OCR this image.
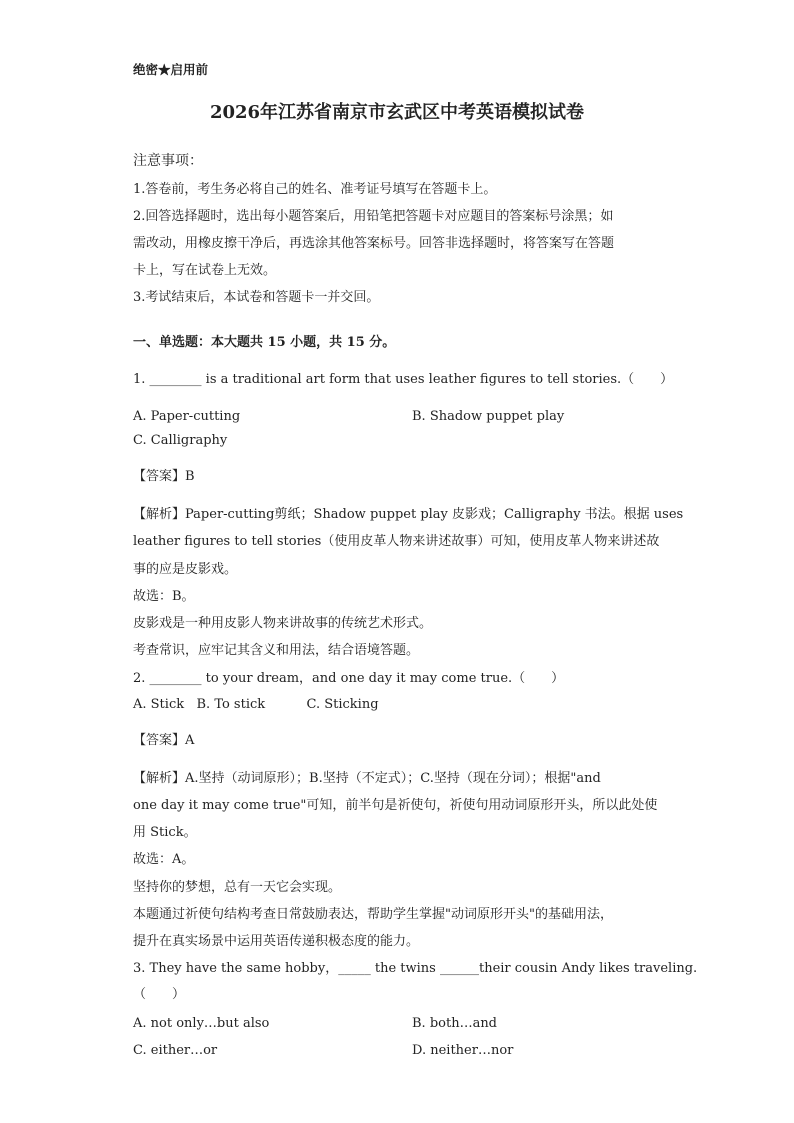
绝密★启用前
2026年江苏省南京市玄武区中考英语模拟试卷
注意事项：
1.答卷前，考生务必将自己的姓名、准考证号填写在答题卡上。
2.回答选择题时，选出每小题答案后，用铅笔把答题卡对应题目的答案标号涂黑；如
需改动，用橡皮擦干净后，再选涂其他答案标号。回答非选择题时，将答案写在答题
卡上，写在试卷上无效。
3.考试结束后，本试卷和答题卡一并交回。
一、单选题：本大题共 15 小题，共 15 分。
1. ________ is a traditional art form that uses leather figures to tell stories.（　　）
A. Paper-cutting	B. Shadow puppet play
C. Calligraphy
【答案】B
【解析】Paper-cutting剪纸；Shadow puppet play 皮影戏；Calligraphy 书法。根据 uses
leather figures to tell stories（使用皮革人物来讲述故事）可知，使用皮革人物来讲述故
事的应是皮影戏。
故选：B。
皮影戏是一种用皮影人物来讲故事的传统艺术形式。
考查常识，应牢记其含义和用法，结合语境答题。
2. ________ to your dream，and one day it may come true.（　　）
A. Stick   B. To stick          C. Sticking
【答案】A
【解析】A.坚持（动词原形）；B.坚持（不定式）；C.坚持（现在分词）；根据"and
one day it may come true"可知，前半句是祈使句，祈使句用动词原形开头，所以此处使
用 Stick。
故选：A。
坚持你的梦想，总有一天它会实现。
本题通过祈使句结构考查日常鼓励表达，帮助学生掌握"动词原形开头"的基础用法，
提升在真实场景中运用英语传递积极态度的能力。
3. They have the same hobby，_____ the twins ______their cousin Andy likes traveling.
（　　）
A. not only…but also	B. both…and
C. either…or	D. neither…nor
